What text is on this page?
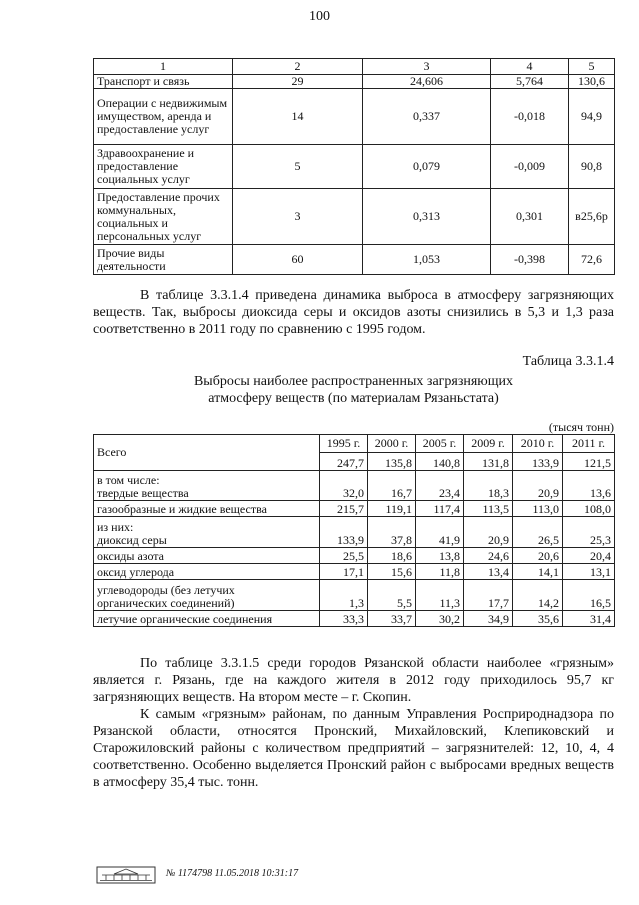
100
1	2	3	4	5
Транспорт и связь	29	24,606	5,764	130,6
Операции с недвижимым имуществом, аренда и предоставление услуг	14	0,337	-0,018	94,9
Здравоохранение и предоставление социальных услуг	5	0,079	-0,009	90,8
Предоставление прочих коммунальных, социальных и персональных услуг	3	0,313	0,301	в25,6р
Прочие виды деятельности	60	1,053	-0,398	72,6

В таблице 3.3.1.4 приведена динамика выброса в атмосферу загрязняющих веществ. Так, выбросы диоксида серы и оксидов азоты снизились в 5,3 и 1,3 раза соответственно в 2011 году по сравнению с 1995 годом.

Таблица 3.3.1.4
Выбросы наиболее распространенных загрязняющих
атмосферу веществ (по материалам Рязаньстата)
(тысяч тонн)
Всего	1995 г.	2000 г.	2005 г.	2009 г.	2010 г.	2011 г.
	247,7	135,8	140,8	131,8	133,9	121,5

в том числе:
твердые вещества	32,0	16,7	23,4	18,3	20,9	13,6
газообразные и жидкие вещества	215,7	119,1	117,4	113,5	113,0	108,0

из них:
диоксид серы	133,9	37,8	41,9	20,9	26,5	25,3
оксиды азота	25,5	18,6	13,8	24,6	20,6	20,4
оксид углерода	17,1	15,6	11,8	13,4	14,1	13,1

углеводороды (без летучих
органических соединений)	1,3	5,5	11,3	17,7	14,2	16,5
летучие органические соединения	33,3	33,7	30,2	34,9	35,6	31,4

По таблице 3.3.1.5 среди городов Рязанской области наиболее «грязным» является г. Рязань, где на каждого жителя в 2012 году приходилось 95,7 кг загрязняющих веществ. На втором месте – г. Скопин.

К самым «грязным» районам, по данным Управления Росприроднадзора по Рязанской области, относятся Пронский, Михайловский, Клепиковский и Старожиловский районы с количеством предприятий – загрязнителей: 12, 10, 4, 4 соответственно. Особенно выделяется Пронский район с выбросами вредных веществ в атмосферу 35,4 тыс. тонн.

№ 1174798 11.05.2018 10:31:17
